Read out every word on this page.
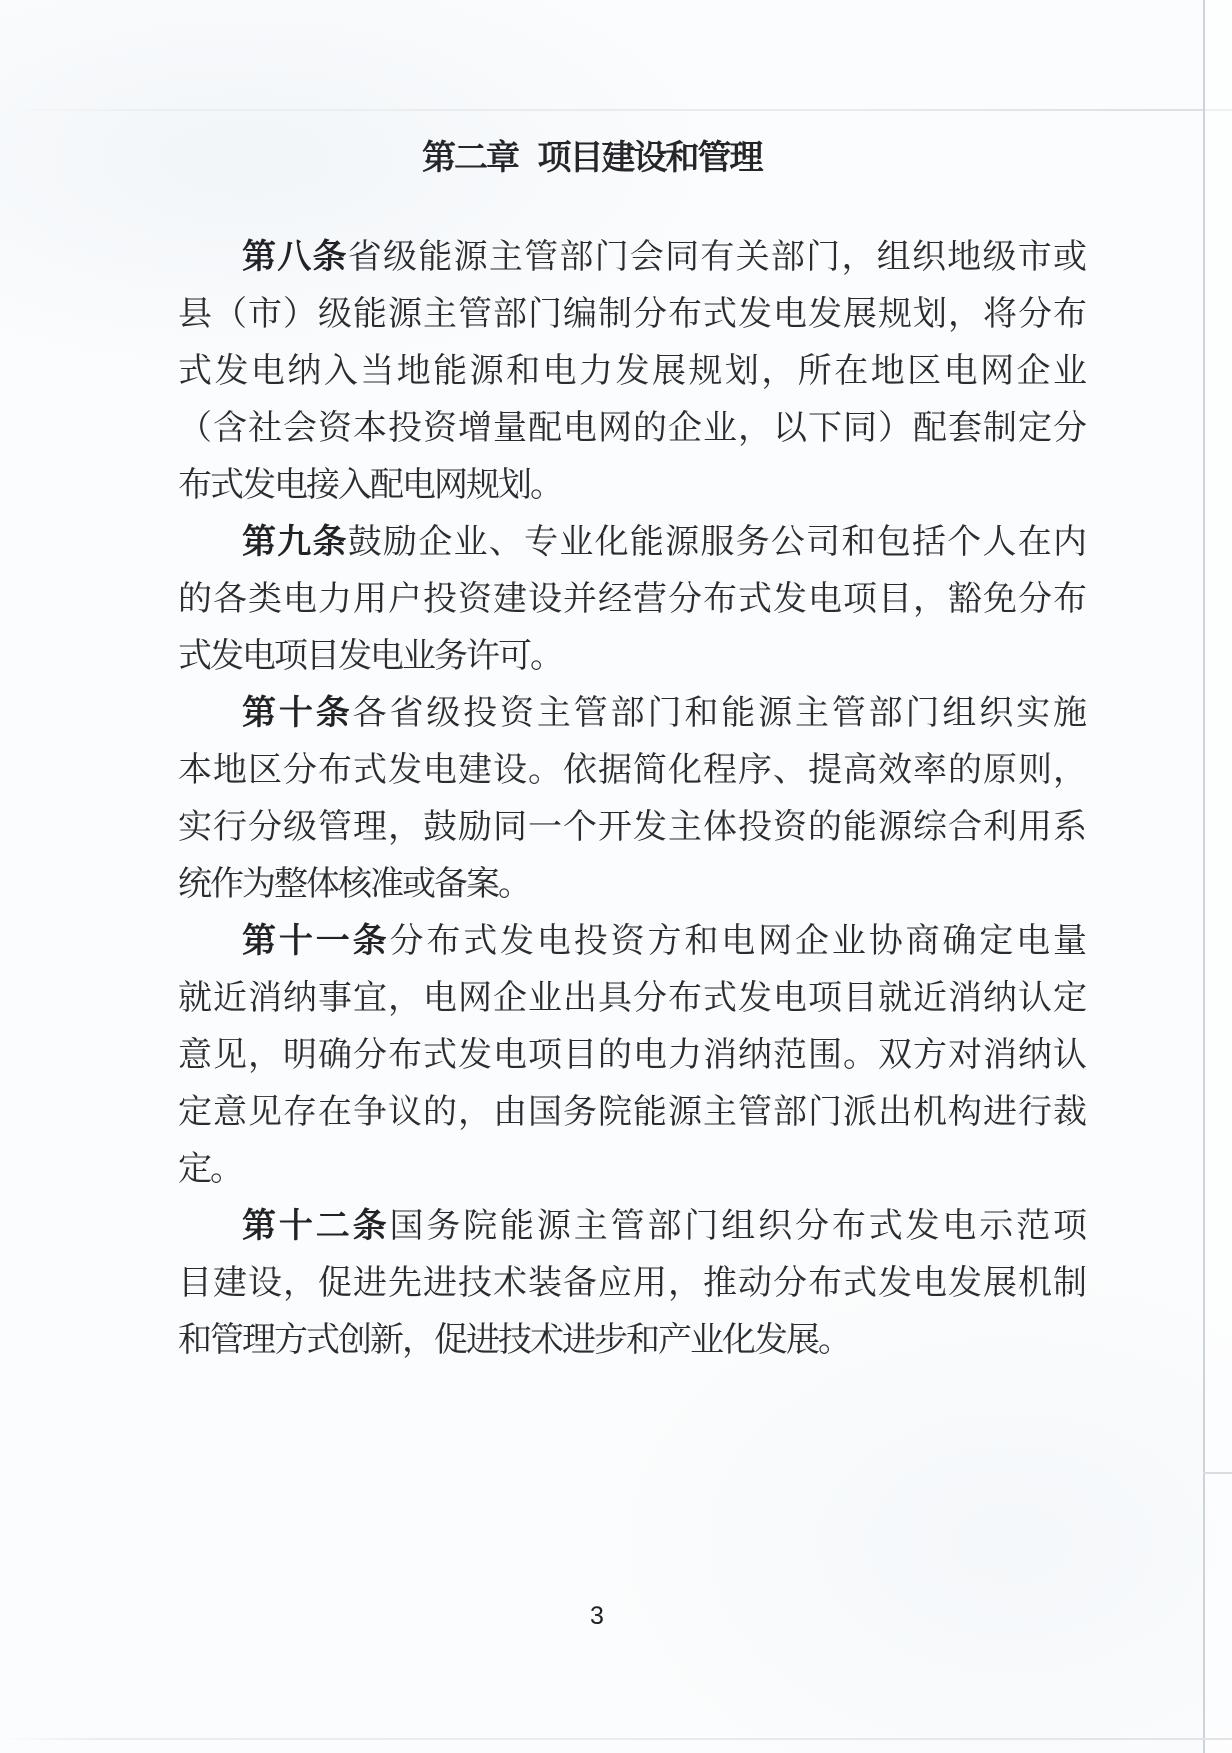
第二章 项目建设和管理
第八条省级能源主管部门会同有关部门，组织地级市或
县（市）级能源主管部门编制分布式发电发展规划，将分布
式发电纳入当地能源和电力发展规划，所在地区电网企业
（含社会资本投资增量配电网的企业，以下同）配套制定分
布式发电接入配电网规划。
第九条鼓励企业、专业化能源服务公司和包括个人在内
的各类电力用户投资建设并经营分布式发电项目，豁免分布
式发电项目发电业务许可。
第十条各省级投资主管部门和能源主管部门组织实施
本地区分布式发电建设。依据简化程序、提高效率的原则，
实行分级管理，鼓励同一个开发主体投资的能源综合利用系
统作为整体核准或备案。
第十一条分布式发电投资方和电网企业协商确定电量
就近消纳事宜，电网企业出具分布式发电项目就近消纳认定
意见，明确分布式发电项目的电力消纳范围。双方对消纳认
定意见存在争议的，由国务院能源主管部门派出机构进行裁
定。
第十二条国务院能源主管部门组织分布式发电示范项
目建设，促进先进技术装备应用，推动分布式发电发展机制
和管理方式创新，促进技术进步和产业化发展。
3
